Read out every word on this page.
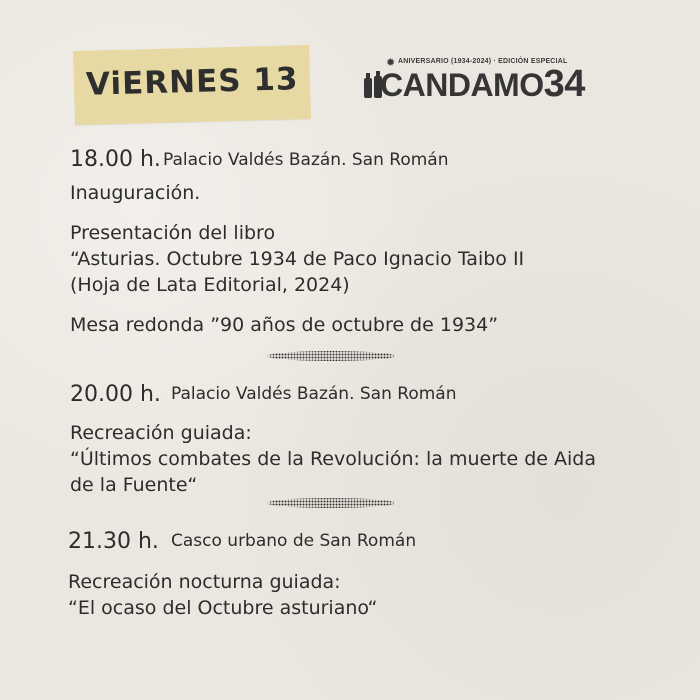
ViERNES 13	✹ ANIVERSARIO (1934-2024) · EDICIÓN ESPECIAL
CANDAMO34
18.00 h. Palacio Valdés Bazán. San Román
Inauguración.
Presentación del libro
“Asturias. Octubre 1934 de Paco Ignacio Taibo II
(Hoja de Lata Editorial, 2024)
Mesa redonda ”90 años de octubre de 1934”
20.00 h. Palacio Valdés Bazán. San Román
Recreación guiada:
“Últimos combates de la Revolución: la muerte de Aida
de la Fuente“
21.30 h. Casco urbano de San Román
Recreación nocturna guiada:
“El ocaso del Octubre asturiano“
